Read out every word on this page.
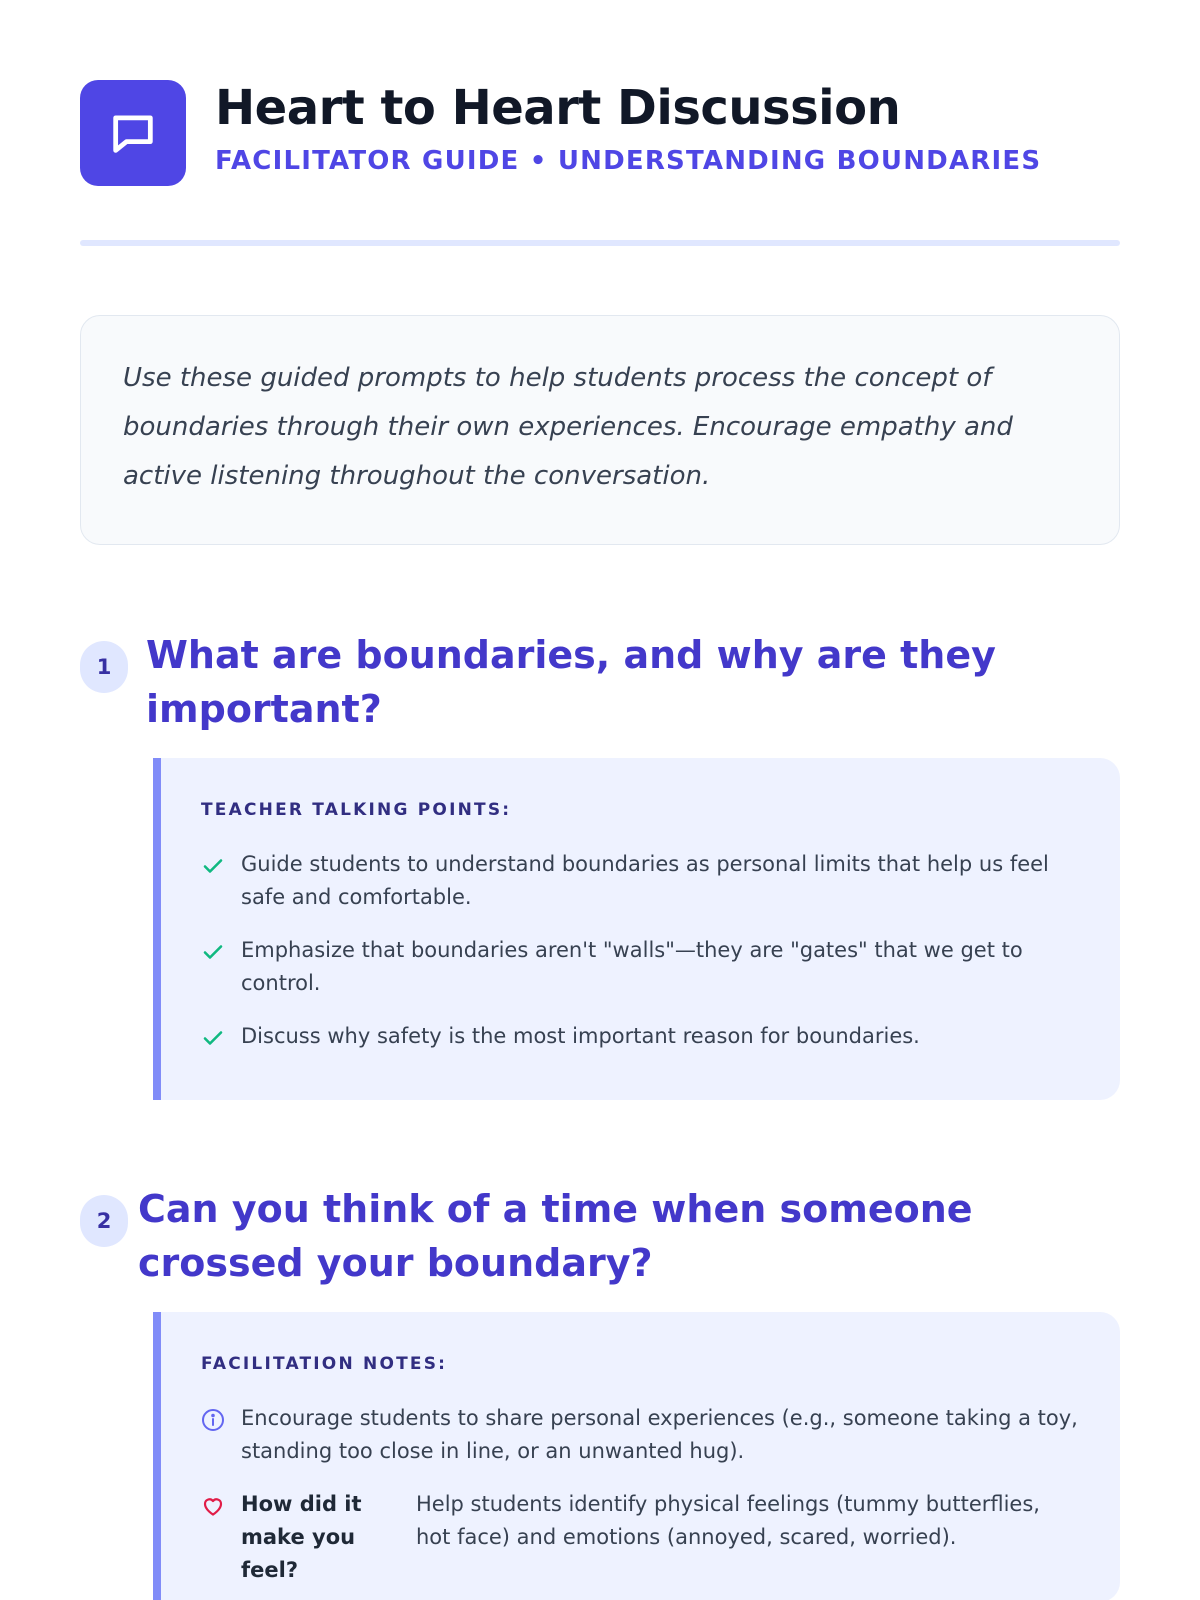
Heart to Heart Discussion
FACILITATOR GUIDE • UNDERSTANDING BOUNDARIES

Use these guided prompts to help students process the concept of boundaries through their own experiences. Encourage empathy and active listening throughout the conversation.

1 What are boundaries, and why are they important?
TEACHER TALKING POINTS:
Guide students to understand boundaries as personal limits that help us feel safe and comfortable.
Emphasize that boundaries aren't "walls"—they are "gates" that we get to control.
Discuss why safety is the most important reason for boundaries.
2 Can you think of a time when someone crossed your boundary?
FACILITATION NOTES:
Encourage students to share personal experiences (e.g., someone taking a toy, standing too close in line, or an unwanted hug).
How did it make you feel?
Help students identify physical feelings (tummy butterflies, hot face) and emotions (annoyed, scared, worried).
